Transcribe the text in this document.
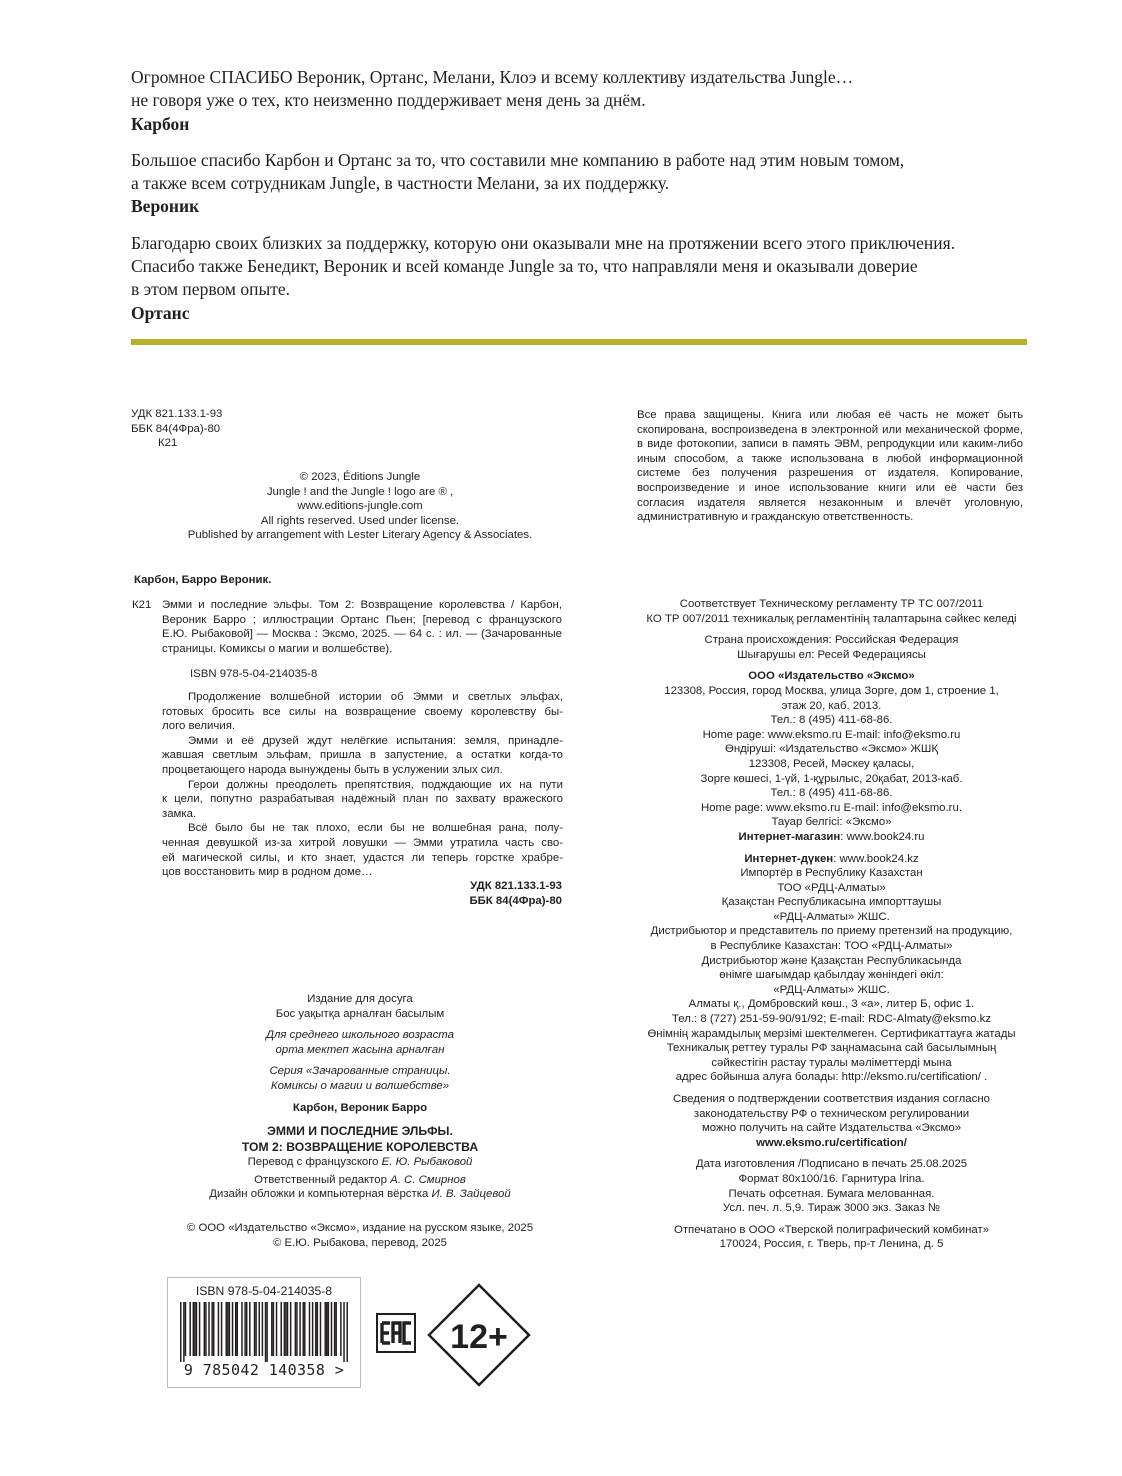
Огромное СПАСИБО Вероник, Ортанс, Мелани, Клоэ и всему коллективу издательства Jungle…
не говоря уже о тех, кто неизменно поддерживает меня день за днём.
Карбон
Большое спасибо Карбон и Ортанс за то, что составили мне компанию в работе над этим новым томом,
а также всем сотрудникам Jungle, в частности Мелани, за их поддержку.
Вероник
Благодарю своих близких за поддержку, которую они оказывали мне на протяжении всего этого приключения.
Спасибо также Бенедикт, Вероник и всей команде Jungle за то, что направляли меня и оказывали доверие
в этом первом опыте.
Ортанс
УДК 821.133.1-93
ББК 84(4Фра)-80
К21
Все права защищены. Книга или любая её часть не может быть скопирована, воспроизведена в электронной или механической форме, в виде фотокопии, записи в память ЭВМ, репродукции или каким-либо иным способом, а также использована в любой информационной системе без получения разрешения от издателя. Копирование, воспроизведение и иное использование книги или её части без согласия издателя является незаконным и влечёт уголовную, административную и гражданскую ответственность.
© 2023, Éditions Jungle
Jungle ! and the Jungle ! logo are ® ,
www.editions-jungle.com
All rights reserved. Used under license.
Published by arrangement with Lester Literary Agency & Associates.
Карбон, Барро Вероник.
К21 Эмми и последние эльфы. Том 2: Возвращение королевства / Карбон,
Вероник Барро ; иллюстрации Ортанс Пьен; [перевод с французского
Е.Ю. Рыбаковой] — Москва : Эксмо, 2025. — 64 с. : ил. — (Зачарованные
страницы. Комиксы о магии и волшебстве).
ISBN 978-5-04-214035-8
Продолжение волшебной истории об Эмми и светлых эльфах,
готовых бросить все силы на возвращение своему королевству бы-
лого величия.
Эмми и её друзей ждут нелёгкие испытания: земля, принадле-
жавшая светлым эльфам, пришла в запустение, а остатки когда-то
процветающего народа вынуждены быть в услужении злых сил.
Герои должны преодолеть препятствия, подждающие их на пути
к цели, попутно разрабатывая надёжный план по захвату вражеского
замка.
Всё было бы не так плохо, если бы не волшебная рана, полу-
ченная девушкой из-за хитрой ловушки — Эмми утратила часть сво-
ей магической силы, и кто знает, удастся ли теперь горстке храбре-
цов восстановить мир в родном доме…
УДК 821.133.1-93
ББК 84(4Фра)-80
Соответствует Техническому регламенту ТР ТС 007/2011
КО ТР 007/2011 техникалық регламентінің талаптарына сәйкес келеді
Страна происхождения: Российская Федерация
Шығарушы ел: Ресей Федерациясы
ООО «Издательство «Эксмо»
123308, Россия, город Москва, улица Зорге, дом 1, строение 1,
этаж 20, каб. 2013.
Тел.: 8 (495) 411-68-86.
Home page: www.eksmo.ru E-mail: info@eksmo.ru
Өндіруші: «Издательство «Эксмо» ЖШҚ
123308, Ресей, Мәскеу қаласы,
Зорге көшесі, 1-үй, 1-құрылыс, 20қабат, 2013-каб.
Тел.: 8 (495) 411-68-86.
Home page: www.eksmo.ru E-mail: info@eksmo.ru.
Тауар белгісі: «Эксмо»
Интернет-магазин: www.book24.ru
Интернет-дүкен: www.book24.kz
Импортёр в Республику Казахстан
ТОО «РДЦ-Алматы»
Қазақстан Республикасына импорттаушы
«РДЦ-Алматы» ЖШС.
Дистрибьютор и представитель по приему претензий на продукцию,
в Республике Казахстан: ТОО «РДЦ-Алматы»
Дистрибьютор және Қазақстан Республикасында
өнімге шағымдар қабылдау жөніндегі өкіл:
«РДЦ-Алматы» ЖШС.
Алматы қ., Домбровский көш., 3 «а», литер Б, офис 1.
Тел.: 8 (727) 251-59-90/91/92; E-mail: RDC-Almaty@eksmo.kz
Өнімнің жарамдылық мерзімі шектелмеген. Сертификаттауға жатады
Техникалық реттеу туралы РФ заңнамасына сай басылымның
сәйкестігін растау туралы мәліметтерді мына
адрес бойынша алуға болады: http://eksmo.ru/certification/ .
Сведения о подтверждении соответствия издания согласно
законодательству РФ о техническом регулировании
можно получить на сайте Издательства «Эксмо»
www.eksmo.ru/certification/
Дата изготовления /Подписано в печать 25.08.2025
Формат 80x100/16. Гарнитура Irina.
Печать офсетная. Бумага мелованная.
Усл. печ. л. 5,9. Тираж 3000 экз. Заказ №
Отпечатано в ООО «Тверской полиграфический комбинат»
170024, Россия, г. Тверь, пр-т Ленина, д. 5
Издание для досуга
Бос уақытқа арналған басылым
Для среднего школьного возраста
орта мектеп жасына арналған
Серия «Зачарованные страницы.
Комиксы о магии и волшебстве»
Карбон, Вероник Барро
ЭММИ И ПОСЛЕДНИЕ ЭЛЬФЫ.
ТОМ 2: ВОЗВРАЩЕНИЕ КОРОЛЕВСТВА
Перевод с французского Е. Ю. Рыбаковой
Ответственный редактор А. С. Смирнов
Дизайн обложки и компьютерная вёрстка И. В. Зайцевой
© ООО «Издательство «Эксмо», издание на русском языке, 2025
© Е.Ю. Рыбакова, перевод, 2025
ISBN 978-5-04-214035-8
9 785042 140358 >
12+
